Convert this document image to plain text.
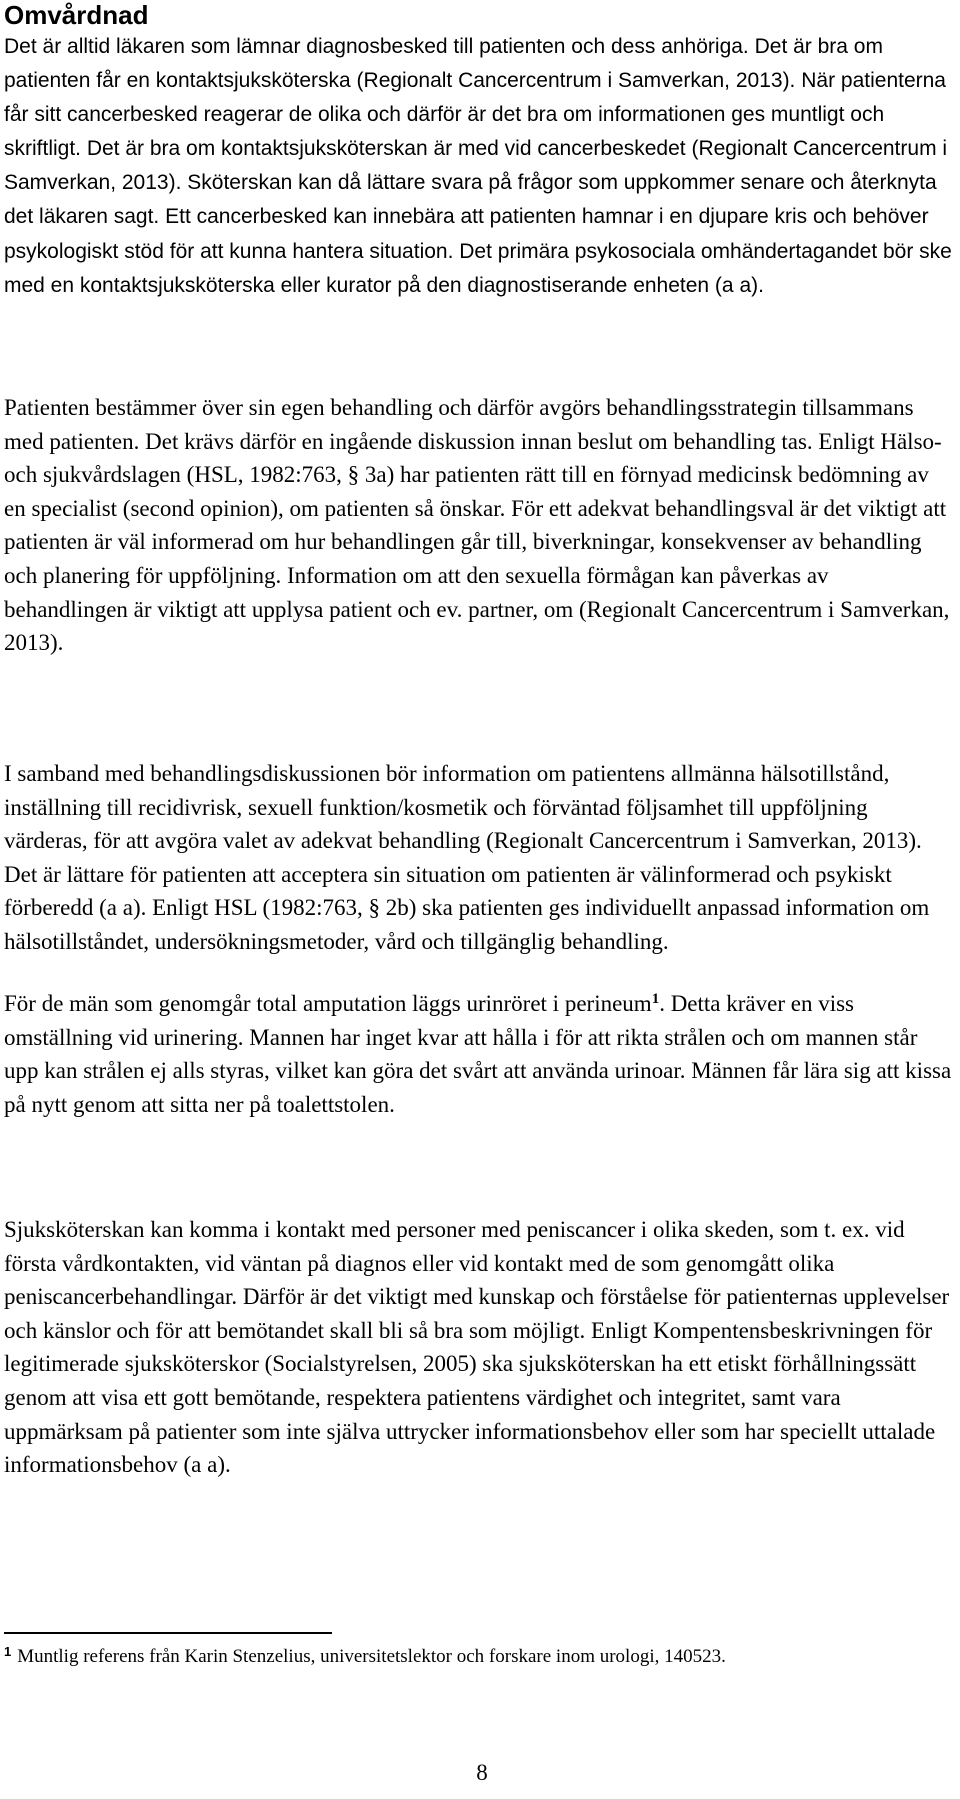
Omvårdnad

Det är alltid läkaren som lämnar diagnosbesked till patienten och dess anhöriga. Det är bra om patienten får en kontaktsjuksköterska (Regionalt Cancercentrum i Samverkan, 2013). När patienterna får sitt cancerbesked reagerar de olika och därför är det bra om informationen ges muntligt och skriftligt. Det är bra om kontaktsjuksköterskan är med vid cancerbeskedet (Regionalt Cancercentrum i Samverkan, 2013). Sköterskan kan då lättare svara på frågor som uppkommer senare och återknyta det läkaren sagt. Ett cancerbesked kan innebära att patienten hamnar i en djupare kris och behöver psykologiskt stöd för att kunna hantera situation. Det primära psykosociala omhändertagandet bör ske med en kontaktsjuksköterska eller kurator på den diagnostiserande enheten (a a).

Patienten bestämmer över sin egen behandling och därför avgörs behandlingsstrategin tillsammans med patienten. Det krävs därför en ingående diskussion innan beslut om behandling tas. Enligt Hälso- och sjukvårdslagen (HSL, 1982:763, § 3a) har patienten rätt till en förnyad medicinsk bedömning av en specialist (second opinion), om patienten så önskar. För ett adekvat behandlingsval är det viktigt att patienten är väl informerad om hur behandlingen går till, biverkningar, konsekvenser av behandling och planering för uppföljning. Information om att den sexuella förmågan kan påverkas av behandlingen är viktigt att upplysa patient och ev. partner, om (Regionalt Cancercentrum i Samverkan, 2013).

I samband med behandlingsdiskussionen bör information om patientens allmänna hälsotillstånd, inställning till recidivrisk, sexuell funktion/kosmetik och förväntad följsamhet till uppföljning värderas, för att avgöra valet av adekvat behandling (Regionalt Cancercentrum i Samverkan, 2013). Det är lättare för patienten att acceptera sin situation om patienten är välinformerad och psykiskt förberedd (a a). Enligt HSL (1982:763, § 2b) ska patienten ges individuellt anpassad information om hälsotillståndet, undersökningsmetoder, vård och tillgänglig behandling.

För de män som genomgår total amputation läggs urinröret i perineum$^1$. Detta kräver en viss omställning vid urinering. Mannen har inget kvar att hålla i för att rikta strålen och om mannen står upp kan strålen ej alls styras, vilket kan göra det svårt att använda urinoar. Männen får lära sig att kissa på nytt genom att sitta ner på toalettstolen.

Sjuksköterskan kan komma i kontakt med personer med peniscancer i olika skeden, som t. ex. vid första vårdkontakten, vid väntan på diagnos eller vid kontakt med de som genomgått olika peniscancerbehandlingar. Därför är det viktigt med kunskap och förståelse för patienternas upplevelser och känslor och för att bemötandet skall bli så bra som möjligt. Enligt Kompentensbeskrivningen för legitimerade sjuksköterskor (Socialstyrelsen, 2005) ska sjuksköterskan ha ett etiskt förhållningssätt genom att visa ett gott bemötande, respektera patientens värdighet och integritet, samt vara uppmärksam på patienter som inte själva uttrycker informationsbehov eller som har speciellt uttalade informationsbehov (a a).

$^1$ Muntlig referens från Karin Stenzelius, universitetslektor och forskare inom urologi, 140523.

8
